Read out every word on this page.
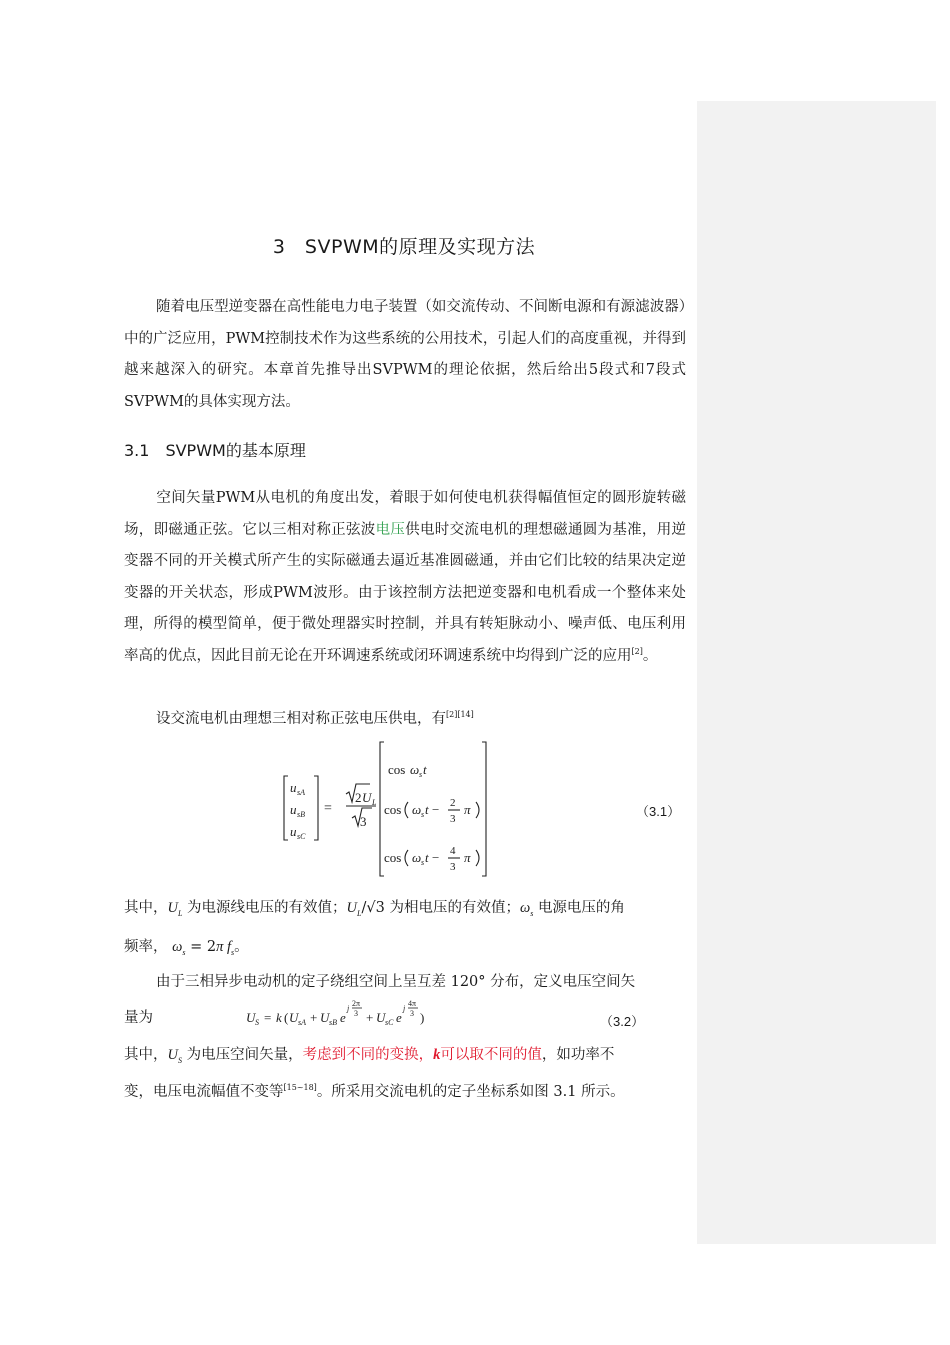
3　SVPWM的原理及实现方法
随着电压型逆变器在高性能电力电子装置（如交流传动、不间断电源和有源滤波器）中的广泛应用，PWM控制技术作为这些系统的公用技术，引起人们的高度重视，并得到越来越深入的研究。本章首先推导出SVPWM的理论依据，然后给出5段式和7段式SVPWM的具体实现方法。
3.1　SVPWM的基本原理
空间矢量PWM从电机的角度出发，着眼于如何使电机获得幅值恒定的圆形旋转磁场，即磁通正弦。它以三相对称正弦波电压供电时交流电机的理想磁通圆为基准，用逆变器不同的开关模式所产生的实际磁通去逼近基准圆磁通，并由它们比较的结果决定逆变器的开关状态，形成PWM波形。由于该控制方法把逆变器和电机看成一个整体来处理，所得的模型简单，便于微处理器实时控制，并具有转矩脉动小、噪声低、电压利用率高的优点，因此目前无论在开环调速系统或闭环调速系统中均得到广泛的应用[2]。
设交流电机由理想三相对称正弦电压供电，有[2][14]
u sA
u sB
u sC
=
2 U L
3
cos ω s t
cos ω s t − 2
3
π
cos ω s t − 4
3
π
（3.1）
其中，$U_L$ 为电源线电压的有效值；$U_L/√3$ 为相电压的有效值；$\omega_s$ 电源电压的角
频率， $\omega_s = 2\pi$ $f_s$。
由于三相异步电动机的定子绕组空间上呈互差 120° 分布，定义电压空间矢
量为	U S = k ( U sA + U sB e
j
2π
3 + U sC e
j
4π
3 )	（3.2）
其中，$U_S$ 为电压空间矢量，考虑到不同的变换，k可以取不同的值，如功率不
变，电压电流幅值不变等[15~18]。所采用交流电机的定子坐标系如图 3.1 所示。
